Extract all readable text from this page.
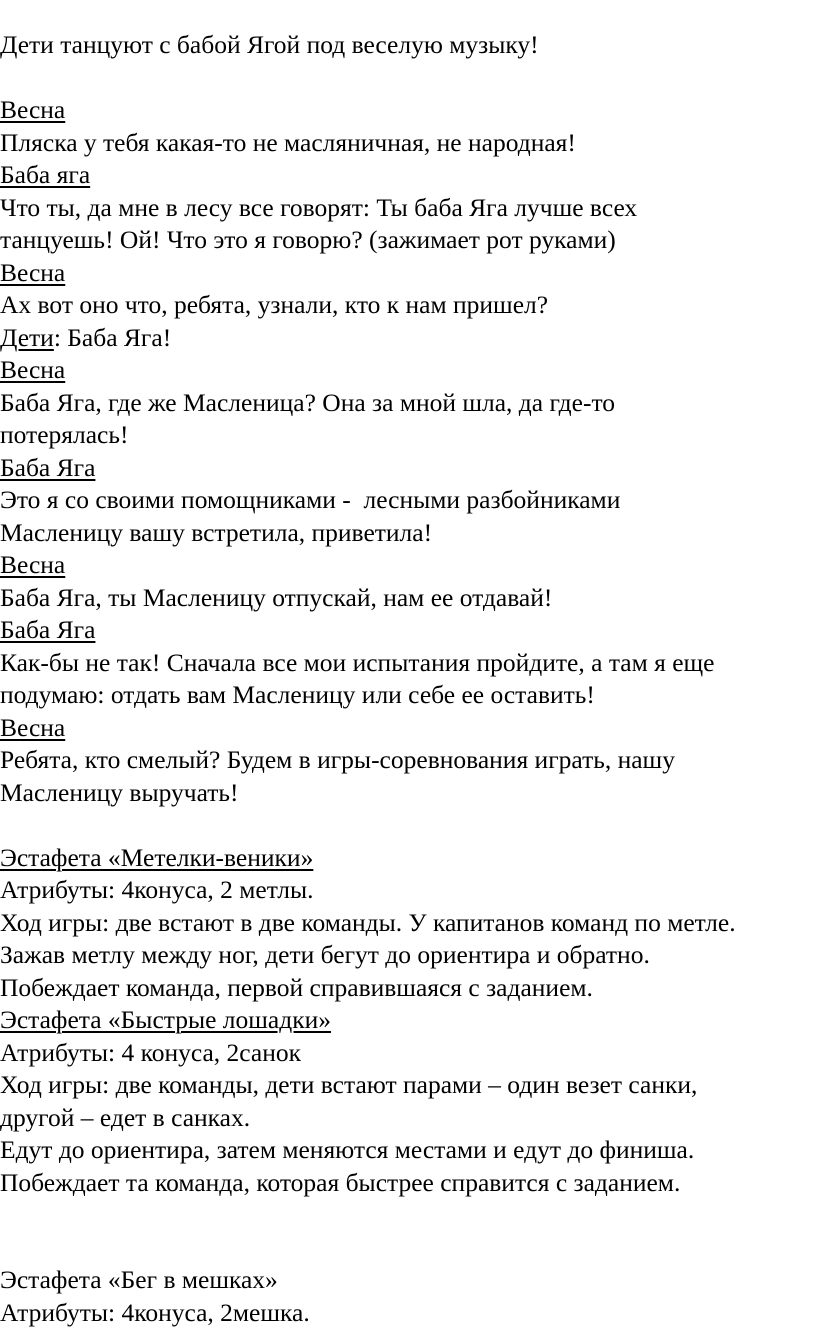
Дети танцуют с бабой Ягой под веселую музыку!
Весна
Пляска у тебя какая-то не масляничная, не народная!
Баба яга
Что ты, да мне в лесу все говорят: Ты баба Яга лучше всех
танцуешь! Ой! Что это я говорю? (зажимает рот руками)
Весна
Ах вот оно что, ребята, узнали, кто к нам пришел?
Дети: Баба Яга!
Весна
Баба Яга, где же Масленица? Она за мной шла, да где-то
потерялась!
Баба Яга
Это я со своими помощниками -  лесными разбойниками
Масленицу вашу встретила, приветила!
Весна
Баба Яга, ты Масленицу отпускай, нам ее отдавай!
Баба Яга
Как-бы не так! Сначала все мои испытания пройдите, а там я еще
подумаю: отдать вам Масленицу или себе ее оставить!
Весна
Ребята, кто смелый? Будем в игры-соревнования играть, нашу
Масленицу выручать!
Эстафета «Метелки-веники»
Атрибуты: 4конуса, 2 метлы.
Ход игры: две встают в две команды. У капитанов команд по метле.
Зажав метлу между ног, дети бегут до ориентира и обратно.
Побеждает команда, первой справившаяся с заданием.
Эстафета «Быстрые лошадки»
Атрибуты: 4 конуса, 2санок
Ход игры: две команды, дети встают парами – один везет санки,
другой – едет в санках.
Едут до ориентира, затем меняются местами и едут до финиша.
Побеждает та команда, которая быстрее справится с заданием.
Эстафета «Бег в мешках»
Атрибуты: 4конуса, 2мешка.
